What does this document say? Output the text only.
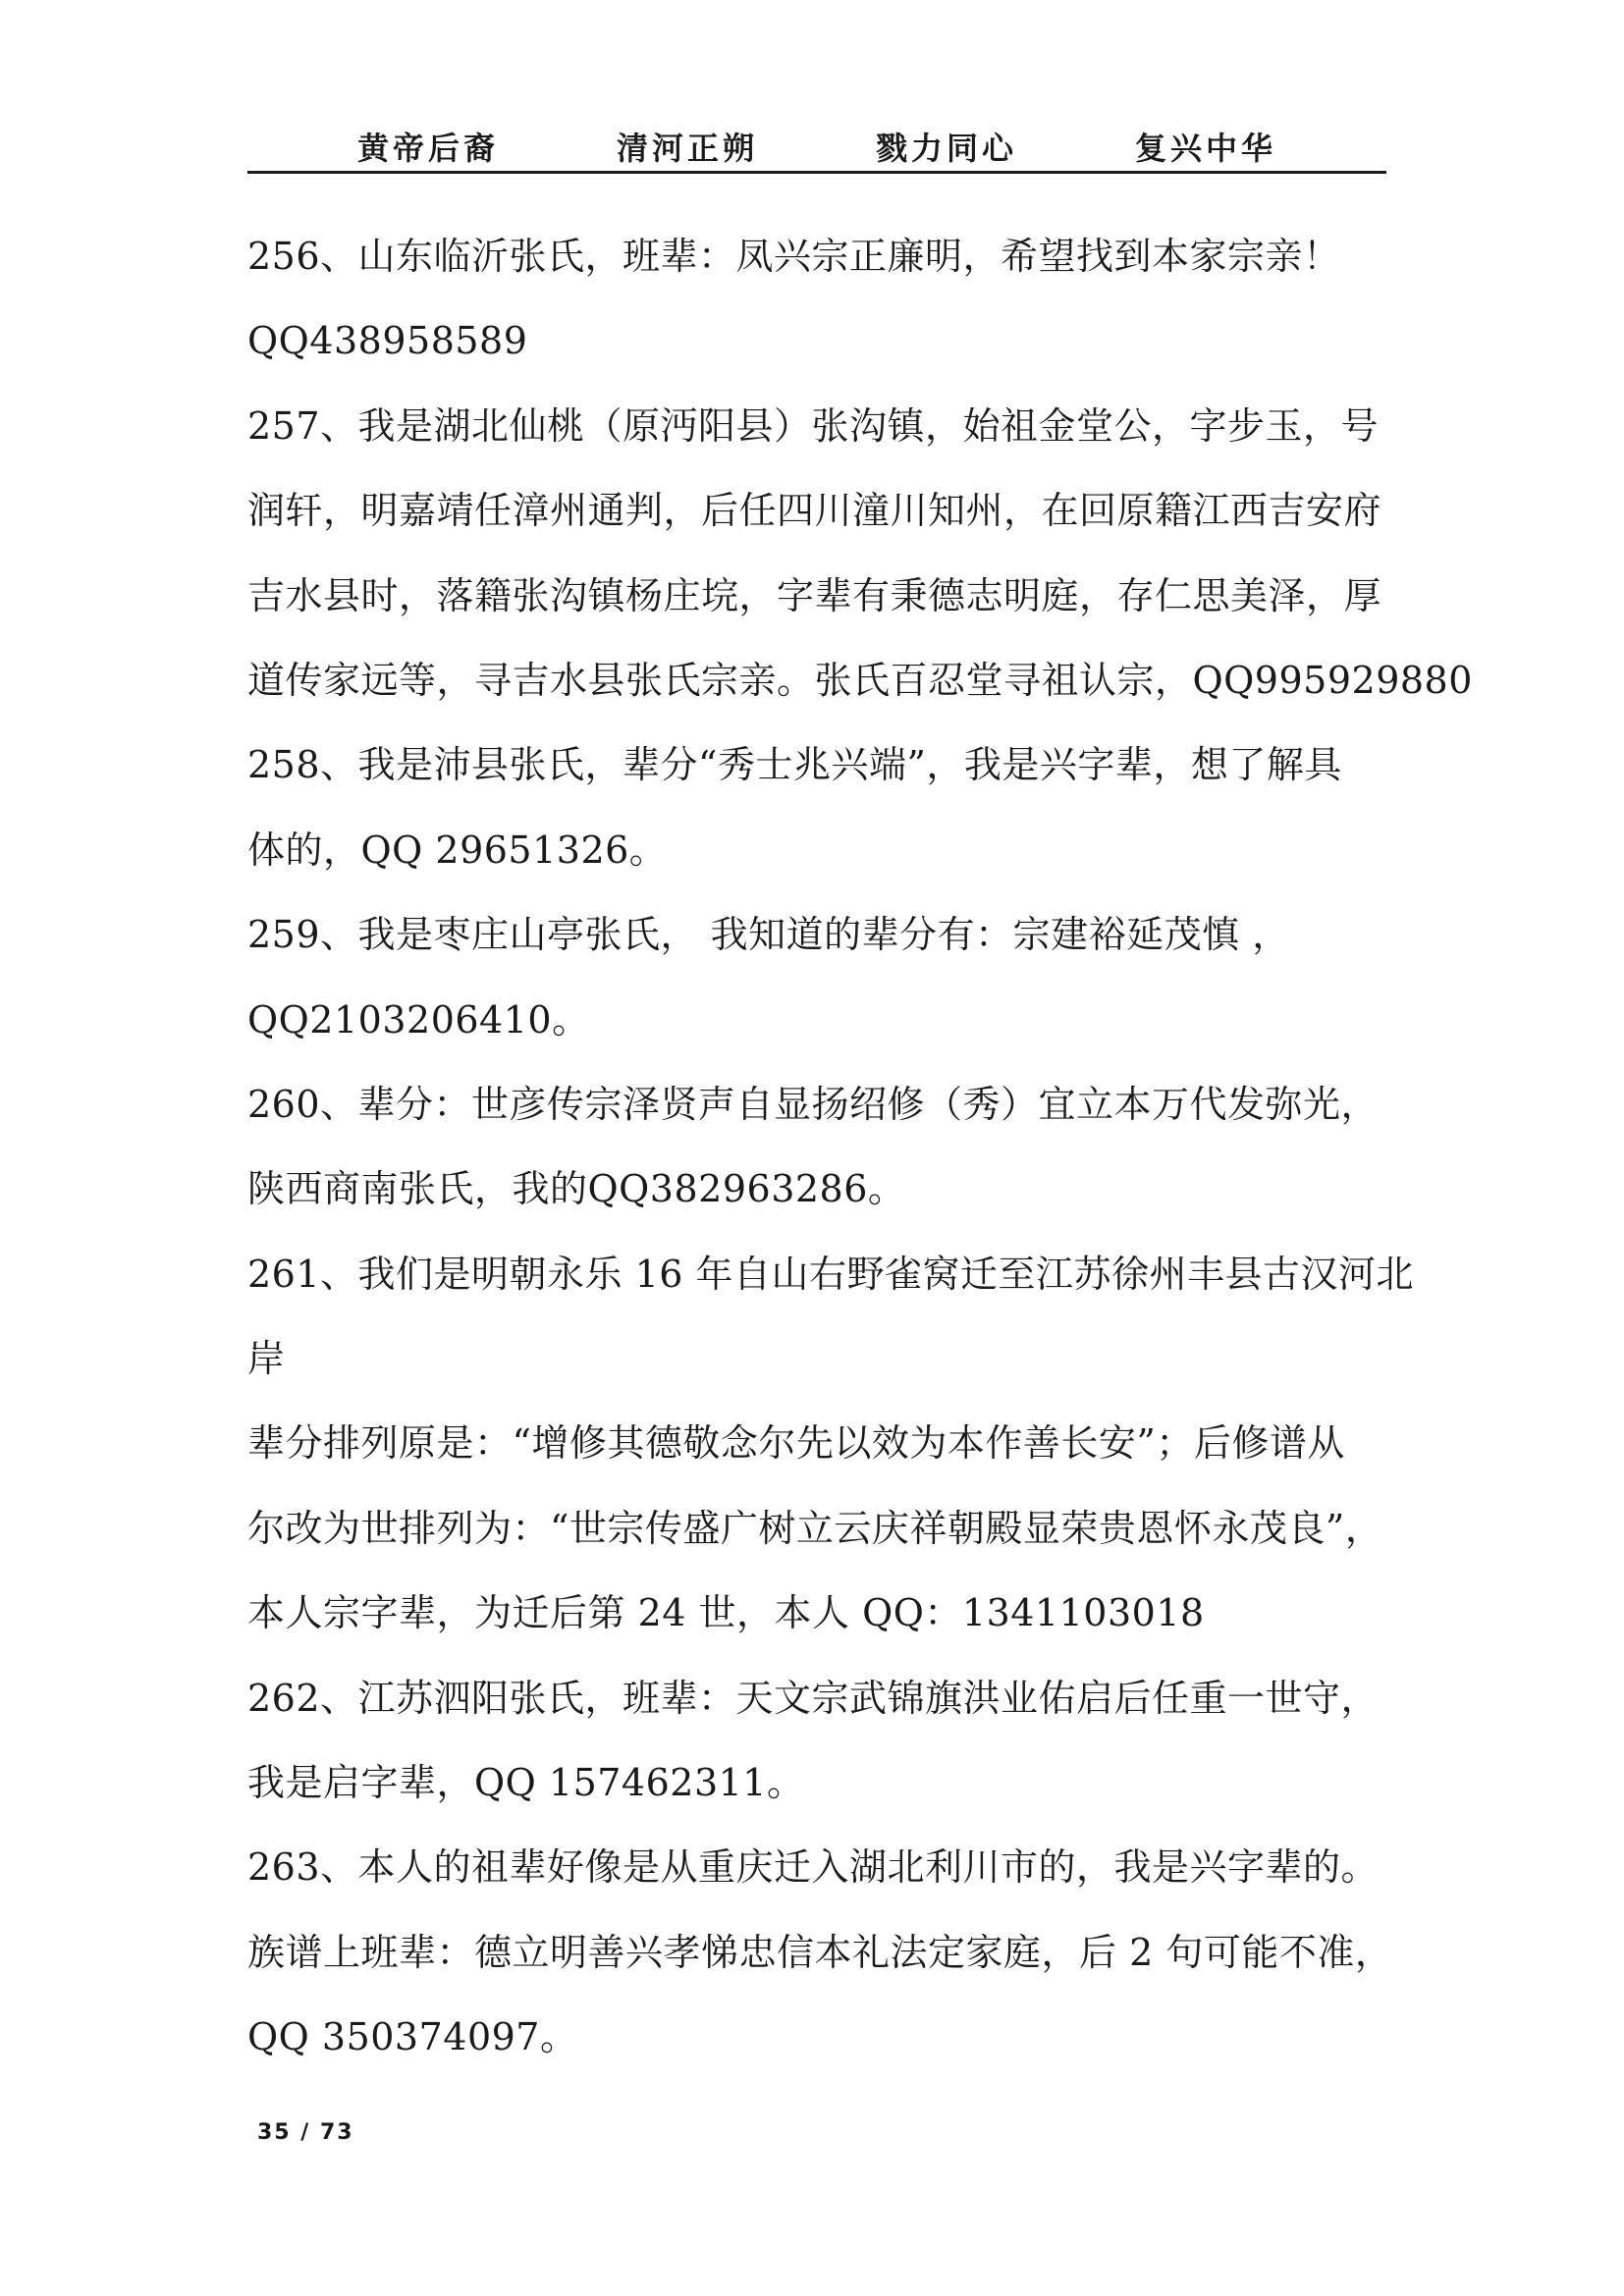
黄帝后裔	清河正朔	戮力同心	复兴中华
256、山东临沂张氏，班辈：凤兴宗正廉明，希望找到本家宗亲！
QQ438958589
257、我是湖北仙桃（原沔阳县）张沟镇，始祖金堂公，字步玉，号
润轩，明嘉靖任漳州通判，后任四川潼川知州，在回原籍江西吉安府
吉水县时，落籍张沟镇杨庄垸，字辈有秉德志明庭，存仁思美泽，厚
道传家远等，寻吉水县张氏宗亲。张氏百忍堂寻祖认宗，QQ995929880
258、我是沛县张氏，辈分“秀士兆兴端”，我是兴字辈，想了解具
体的，QQ 29651326。
259、我是枣庄山亭张氏， 我知道的辈分有：宗建裕延茂慎 ，
QQ2103206410。
260、辈分：世彦传宗泽贤声自显扬绍修（秀）宜立本万代发弥光，
陕西商南张氏，我的QQ382963286。
261、我们是明朝永乐 16 年自山右野雀窝迁至江苏徐州丰县古汉河北
岸
辈分排列原是：“增修其德敬念尔先以效为本作善长安”；后修谱从
尔改为世排列为：“世宗传盛广树立云庆祥朝殿显荣贵恩怀永茂良”，
本人宗字辈，为迁后第 24 世，本人 QQ：1341103018
262、江苏泗阳张氏，班辈：天文宗武锦旗洪业佑启后任重一世守，
我是启字辈，QQ 157462311。
263、本人的祖辈好像是从重庆迁入湖北利川市的，我是兴字辈的。
族谱上班辈：德立明善兴孝悌忠信本礼法定家庭，后 2 句可能不准，
QQ 350374097。
35 / 73
